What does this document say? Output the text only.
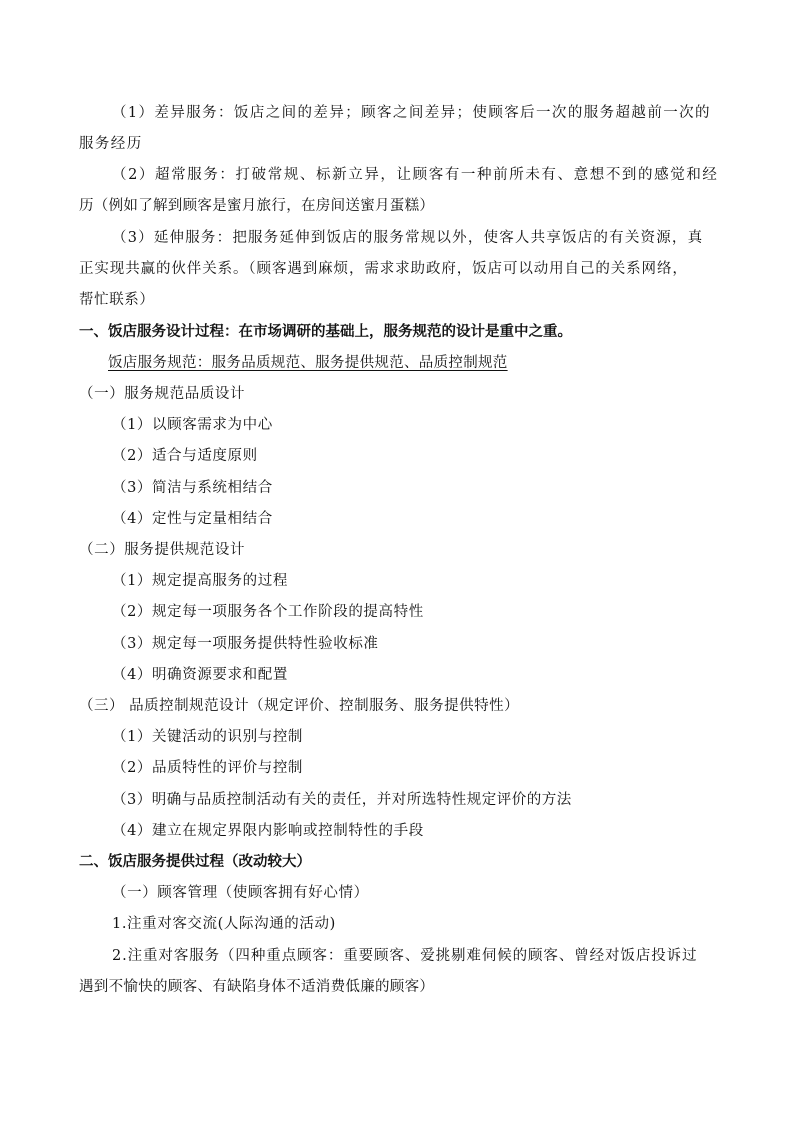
（1）差异服务：饭店之间的差异；顾客之间差异；使顾客后一次的服务超越前一次的
服务经历
（2）超常服务：打破常规、标新立异，让顾客有一种前所未有、意想不到的感觉和经
历（例如了解到顾客是蜜月旅行，在房间送蜜月蛋糕）
（3）延伸服务：把服务延伸到饭店的服务常规以外，使客人共享饭店的有关资源，真
正实现共赢的伙伴关系。（顾客遇到麻烦，需求求助政府，饭店可以动用自己的关系网络，
帮忙联系）
一、饭店服务设计过程：在市场调研的基础上，服务规范的设计是重中之重。
饭店服务规范：服务品质规范、服务提供规范、品质控制规范
（一）服务规范品质设计
（1）以顾客需求为中心
（2）适合与适度原则
（3）简洁与系统相结合
（4）定性与定量相结合
（二）服务提供规范设计
（1）规定提高服务的过程
（2）规定每一项服务各个工作阶段的提高特性
（3）规定每一项服务提供特性验收标准
（4）明确资源要求和配置
（三） 品质控制规范设计（规定评价、控制服务、服务提供特性）
（1）关键活动的识别与控制
（2）品质特性的评价与控制
（3）明确与品质控制活动有关的责任，并对所选特性规定评价的方法
（4）建立在规定界限内影响或控制特性的手段
二、饭店服务提供过程（改动较大）
（一）顾客管理（使顾客拥有好心情）
1.注重对客交流(人际沟通的活动)
2.注重对客服务（四种重点顾客：重要顾客、爱挑剔难伺候的顾客、曾经对饭店投诉过
遇到不愉快的顾客、有缺陷身体不适消费低廉的顾客）
